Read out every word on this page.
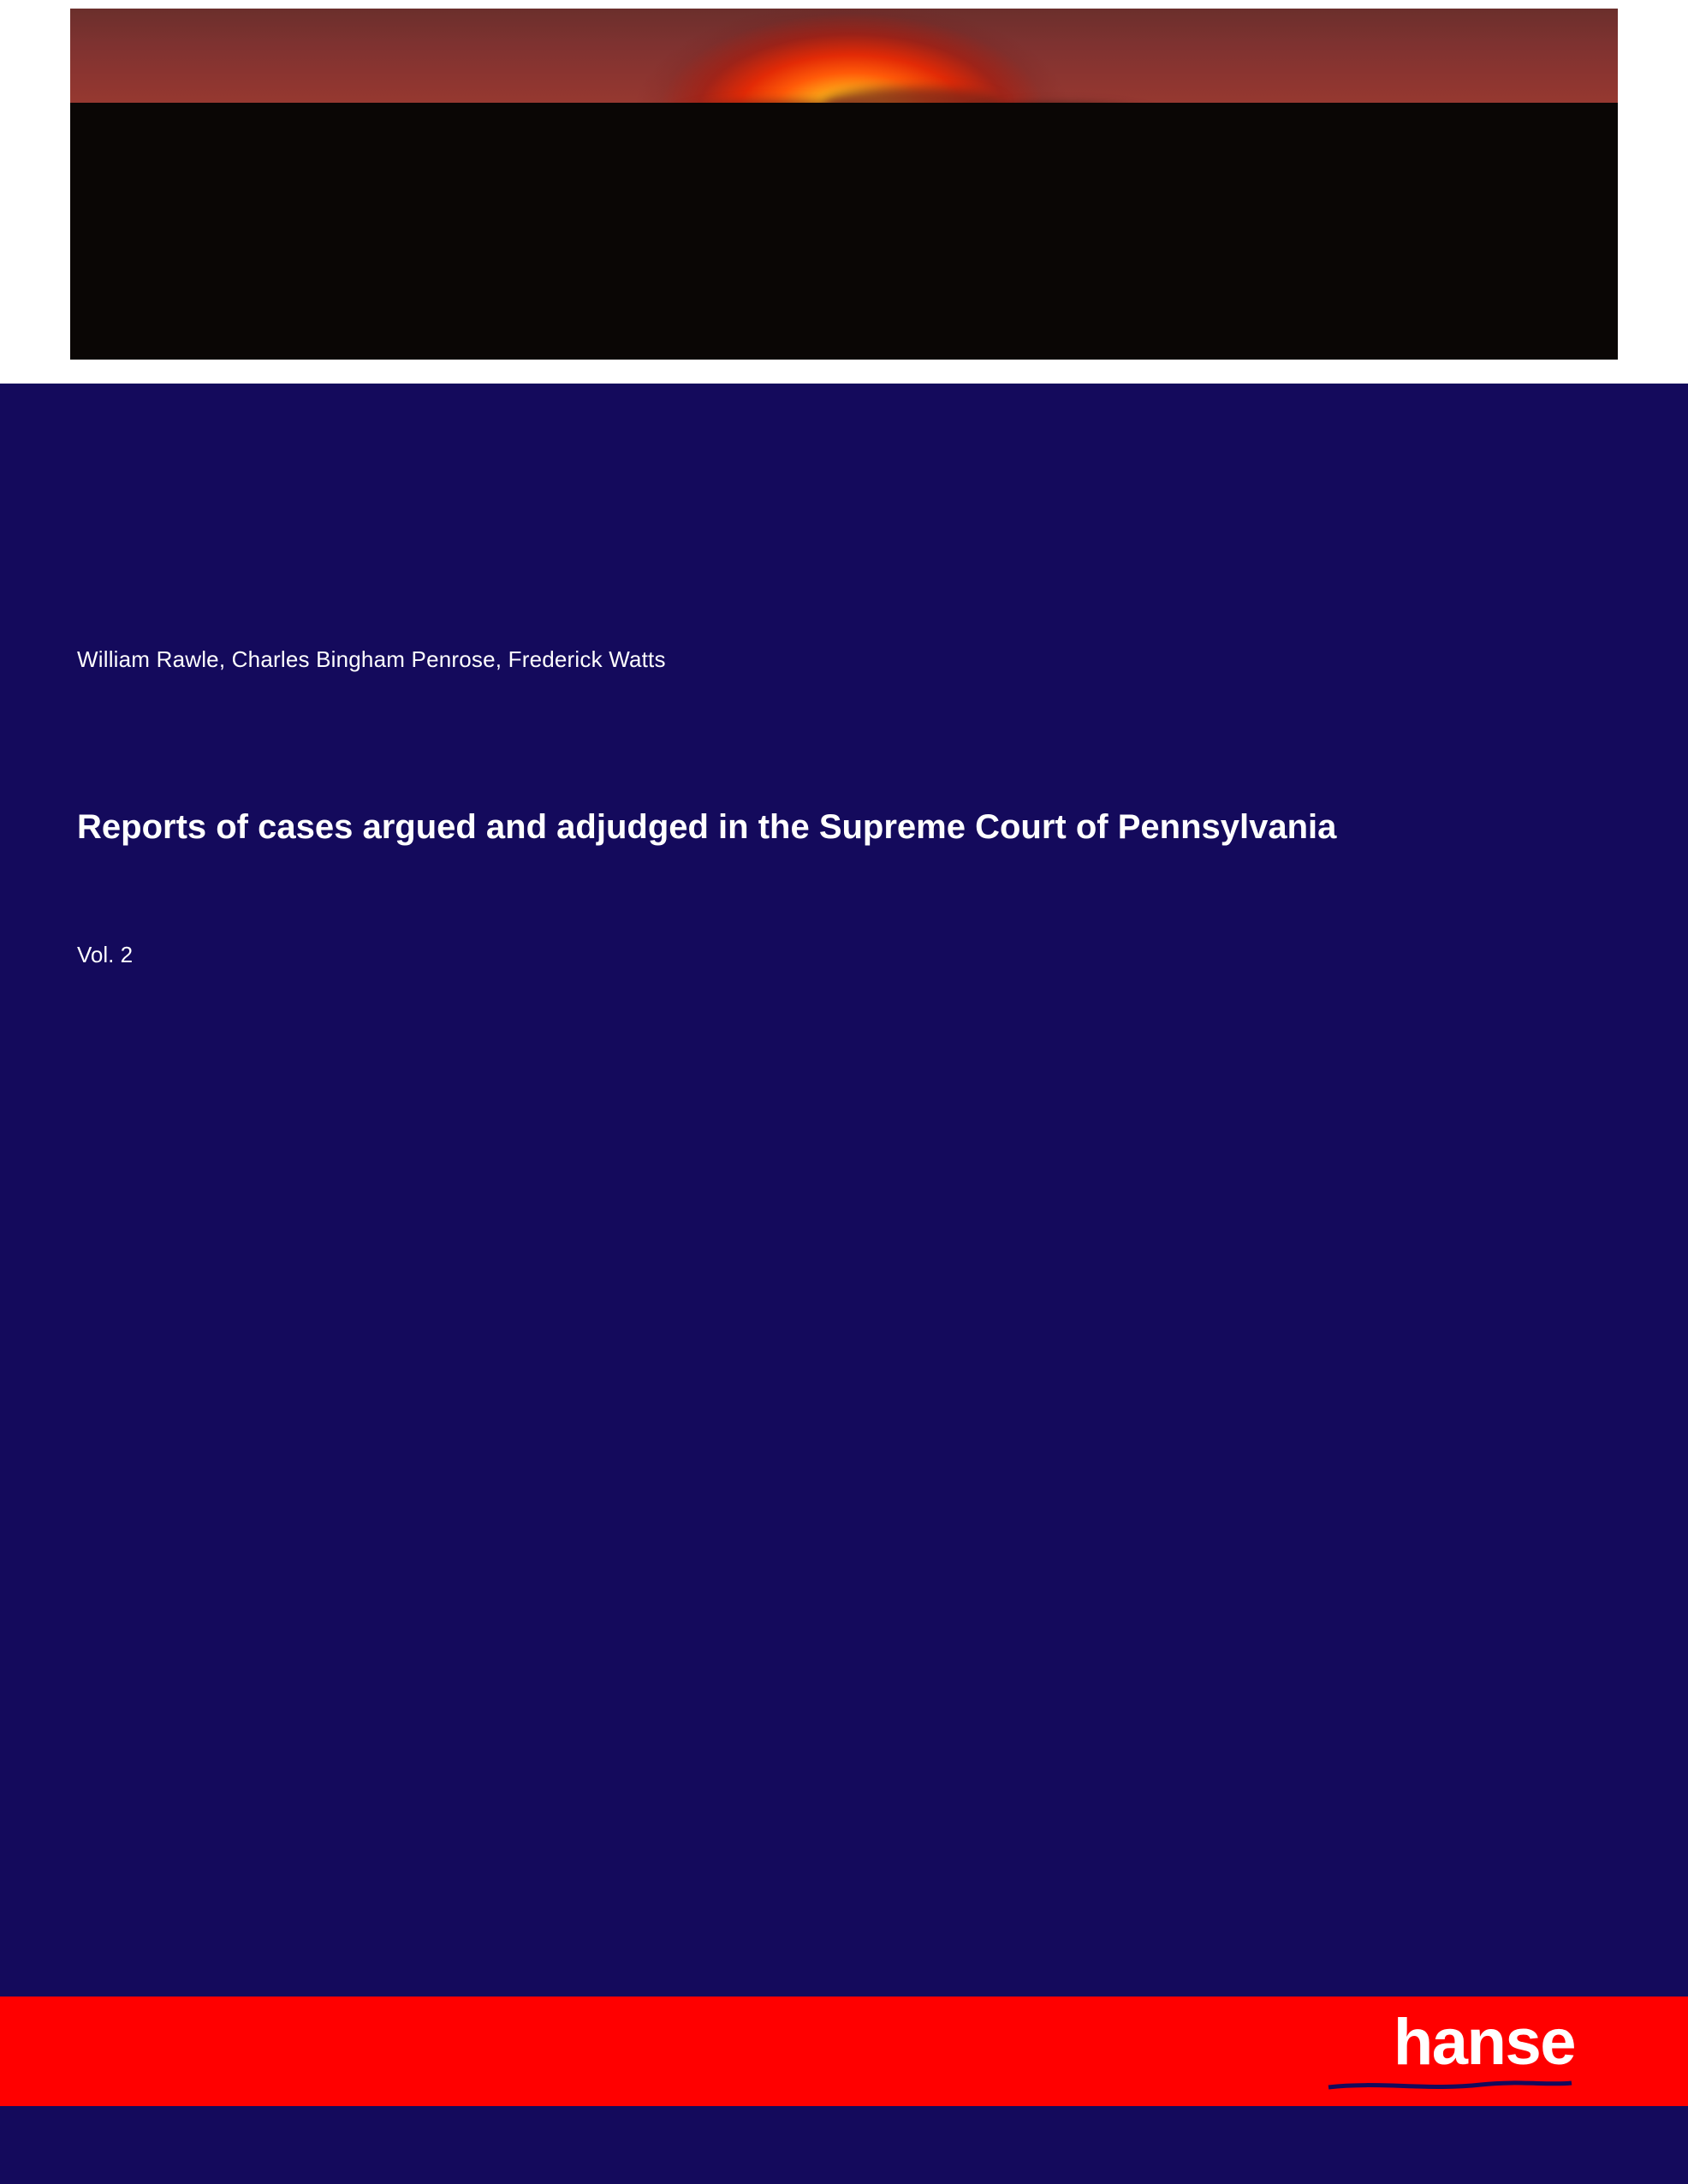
William Rawle, Charles Bingham Penrose, Frederick Watts
Reports of cases argued and adjudged in the Supreme Court of Pennsylvania
Vol. 2
hanse
